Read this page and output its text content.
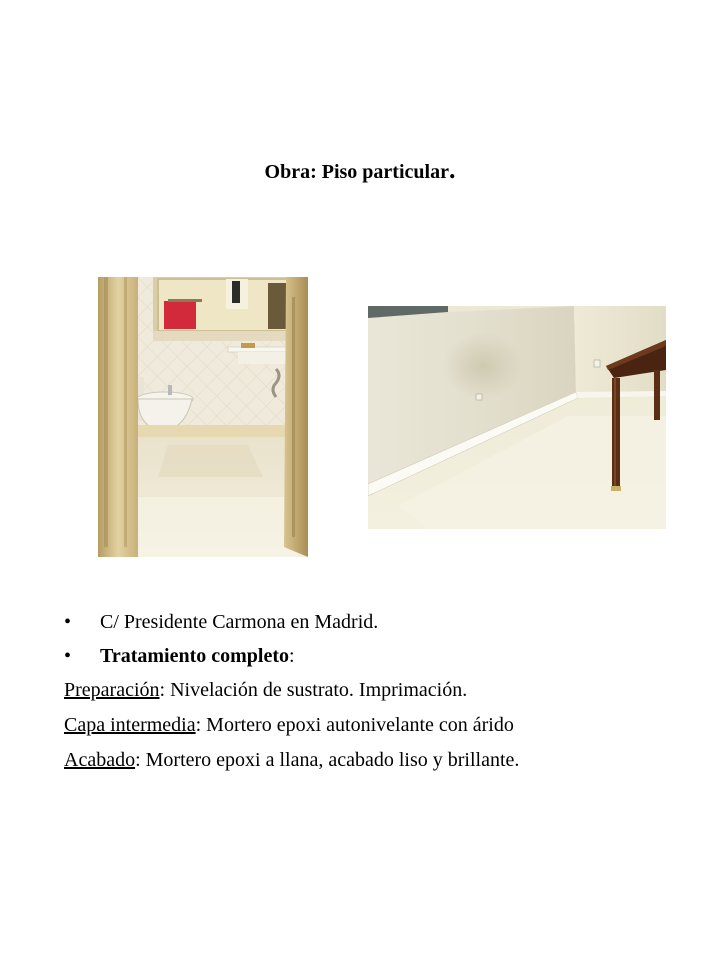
Obra: Piso particular.
• C/ Presidente Carmona en Madrid.
• Tratamiento completo:
Preparación: Nivelación de sustrato. Imprimación.
Capa intermedia: Mortero epoxi autonivelante con árido
Acabado: Mortero epoxi a llana, acabado liso y brillante.
